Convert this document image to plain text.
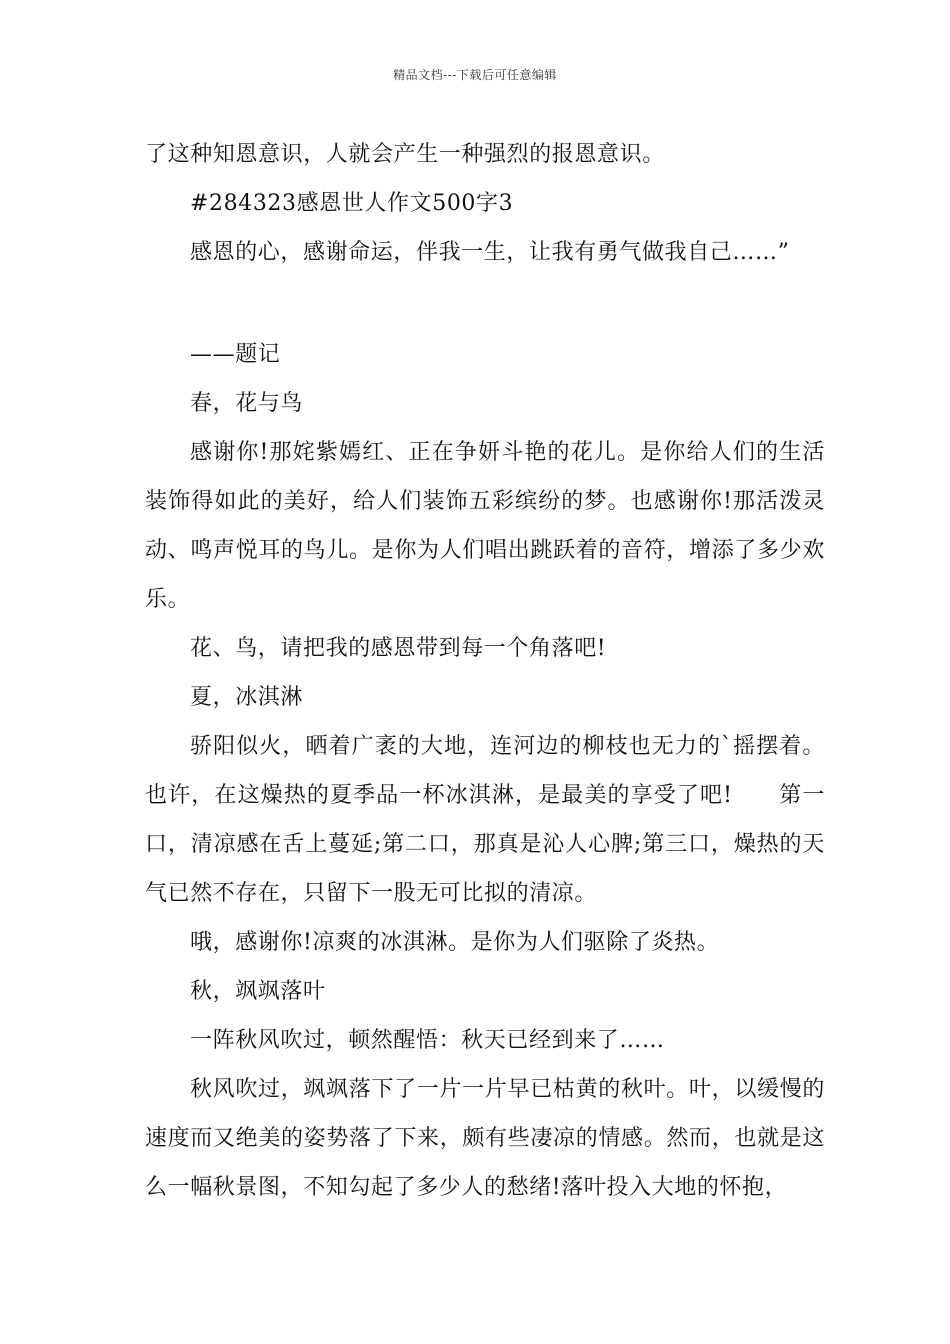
精品文档---下载后可任意编辑

了这种知恩意识，人就会产生一种强烈的报恩意识。

#284323感恩世人作文500字3

感恩的心，感谢命运，伴我一生，让我有勇气做我自己……”

——题记

春，花与鸟

感谢你!那姹紫嫣红、正在争妍斗艳的花儿。是你给人们的生活装饰得如此的美好，给人们装饰五彩缤纷的梦。也感谢你!那活泼灵动、鸣声悦耳的鸟儿。是你为人们唱出跳跃着的音符，增添了多少欢乐。

花、鸟，请把我的感恩带到每一个角落吧!

夏，冰淇淋

骄阳似火，晒着广袤的大地，连河边的柳枝也无力的`摇摆着。也许，在这燥热的夏季品一杯冰淇淋，是最美的享受了吧!　　第一口，清凉感在舌上蔓延;第二口，那真是沁人心脾;第三口，燥热的天气已然不存在，只留下一股无可比拟的清凉。

哦，感谢你!凉爽的冰淇淋。是你为人们驱除了炎热。

秋，飒飒落叶

一阵秋风吹过，顿然醒悟：秋天已经到来了……

秋风吹过，飒飒落下了一片一片早已枯黄的秋叶。叶，以缓慢的速度而又绝美的姿势落了下来，颇有些凄凉的情感。然而，也就是这么一幅秋景图，不知勾起了多少人的愁绪!落叶投入大地的怀抱，
